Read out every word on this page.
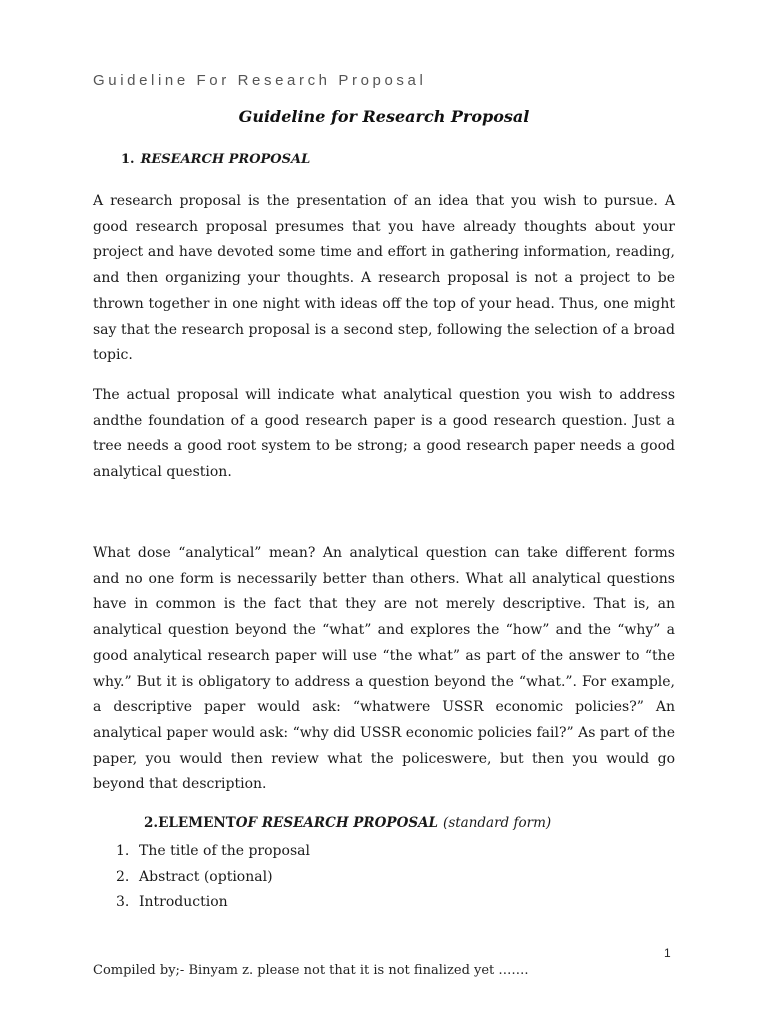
Guideline For Research Proposal
Guideline for Research Proposal
1. RESEARCH PROPOSAL

A research proposal is the presentation of an idea that you wish to pursue. A good research proposal presumes that you have already thoughts about your project and have devoted some time and effort in gathering information, reading, and then organizing your thoughts. A research proposal is not a project to be thrown together in one night with ideas off the top of your head. Thus, one might say that the research proposal is a second step, following the selection of a broad topic.

The actual proposal will indicate what analytical question you wish to address andthe foundation of a good research paper is a good research question. Just a tree needs a good root system to be strong; a good research paper needs a good analytical question.

What dose “analytical” mean? An analytical question can take different forms and no one form is necessarily better than others. What all analytical questions have in common is the fact that they are not merely descriptive. That is, an analytical question beyond the “what” and explores the “how” and the “why” a good analytical research paper will use “the what” as part of the answer to “the why.” But it is obligatory to address a question beyond the “what.”. For example, a descriptive paper would ask: “whatwere USSR economic policies?” An analytical paper would ask: “why did USSR economic policies fail?” As part of the paper, you would then review what the policeswere, but then you would go beyond that description.

2.ELEMENTOF RESEARCH PROPOSAL (standard form)
1. The title of the proposal
2. Abstract (optional)
3. Introduction
1
Compiled by;- Binyam z. please not that it is not finalized yet …….
